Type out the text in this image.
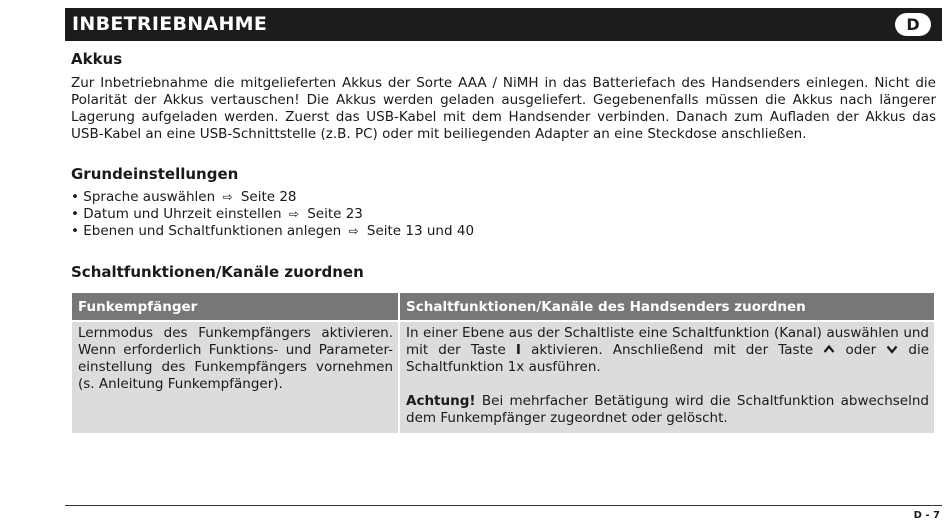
INBETRIEBNAHME	D
Akkus

Zur Inbetriebnahme die mitgelieferten Akkus der Sorte AAA / NiMH in das Batteriefach des Handsenders einlegen. Nicht die Polarität der Akkus vertauschen! Die Akkus werden geladen ausgeliefert. Gegebenenfalls müssen die Akkus nach längerer Lagerung aufgeladen werden. Zuerst das USB-Kabel mit dem Handsender verbinden. Danach zum Aufladen der Akkus das USB-Kabel an eine USB-Schnittstelle (z.B. PC) oder mit beiliegenden Adapter an eine Steckdose anschließen.

Grundeinstellungen
• Sprache auswählen ⇨ Seite 28
• Datum und Uhrzeit einstellen ⇨ Seite 23
• Ebenen und Schaltfunktionen anlegen ⇨ Seite 13 und 40
Schaltfunktionen/Kanäle zuordnen
Funkempfänger	Schaltfunktionen/Kanäle des Handsenders zuordnen

Lernmodus des Funkempfängers aktivieren. Wenn erforderlich Funktions- und Parameter-einstellung des Funkempfängers vornehmen (s. Anleitung Funkempfänger).	In einer Ebene aus der Schaltliste eine Schaltfunktion (Kanal) auswählen und mit der Taste I aktivieren. Anschließend mit der Taste oder die Schaltfunktion 1x ausführen.
Achtung! Bei mehrfacher Betätigung wird die Schaltfunktion abwechselnd dem Funkempfänger zugeordnet oder gelöscht.
D - 7
